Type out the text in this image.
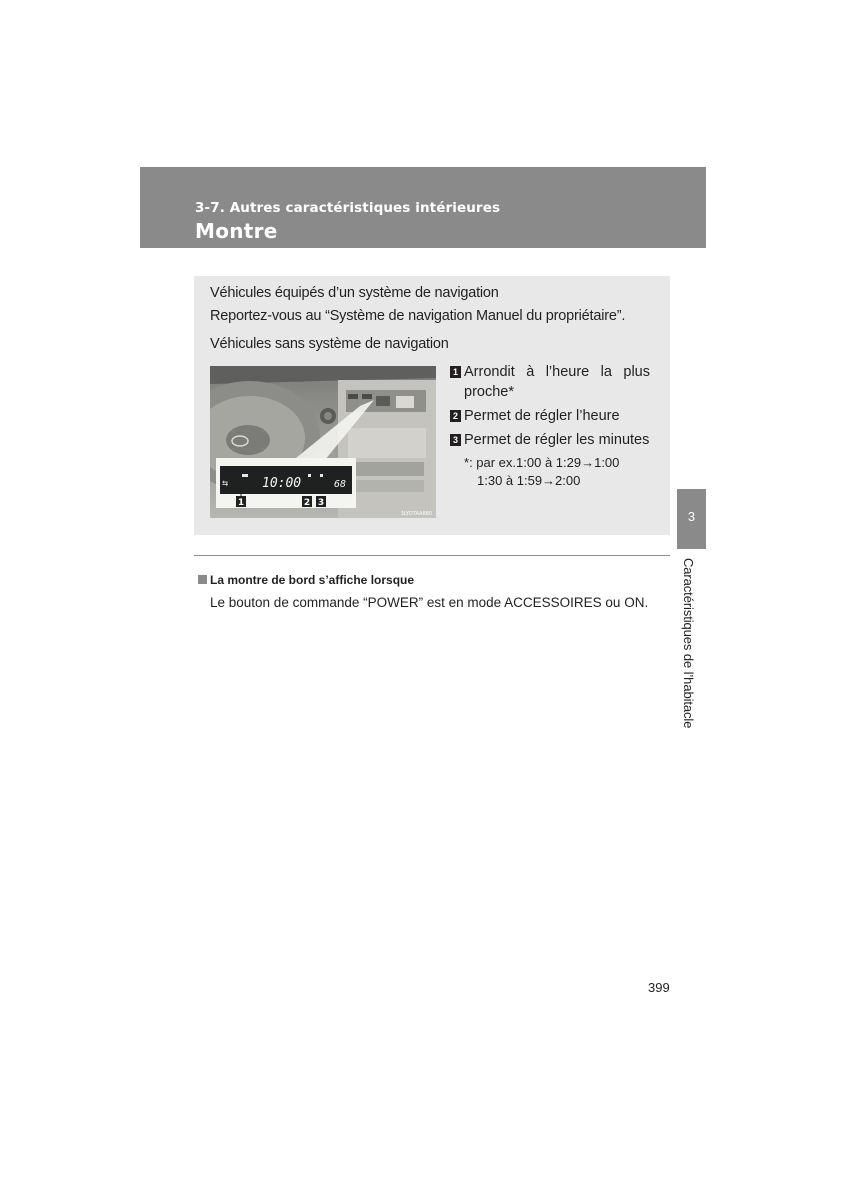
3-7. Autres caractéristiques intérieures
Montre
Véhicules équipés d’un système de navigation
Reportez-vous au “Système de navigation Manuel du propriétaire”.
Véhicules sans système de navigation
⇆	10:00	68
1	2 3
3LYDTAA880
1 Arrondit à l’heure la plus
proche*
2 Permet de régler l’heure
3 Permet de régler les minutes
*: par ex.1:00 à 1:29→1:00
1:30 à 1:59→2:00
La montre de bord s’affiche lorsque
Le bouton de commande “POWER” est en mode ACCESSOIRES ou ON.
3
Caractéristiques de l’habitacle
399
